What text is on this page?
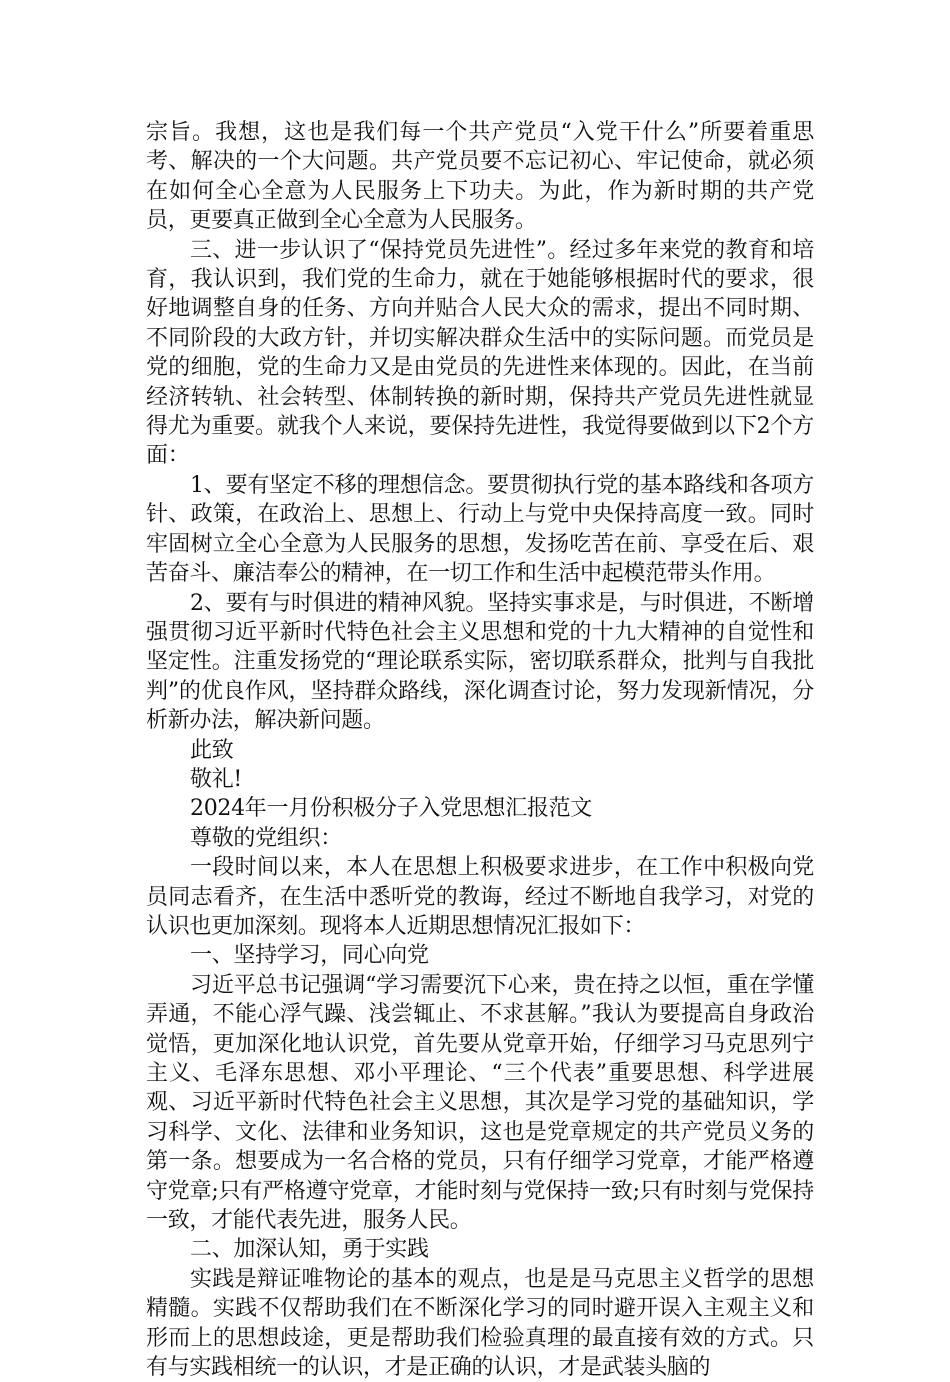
宗旨。我想，这也是我们每一个共产党员“入党干什么”所要着重思考、解决的一个大问题。共产党员要不忘记初心、牢记使命，就必须在如何全心全意为人民服务上下功夫。为此，作为新时期的共产党员，更要真正做到全心全意为人民服务。

三、进一步认识了“保持党员先进性”。经过多年来党的教育和培育，我认识到，我们党的生命力，就在于她能够根据时代的要求，很好地调整自身的任务、方向并贴合人民大众的需求，提出不同时期、不同阶段的大政方针，并切实解决群众生活中的实际问题。而党员是党的细胞，党的生命力又是由党员的先进性来体现的。因此，在当前经济转轨、社会转型、体制转换的新时期，保持共产党员先进性就显得尤为重要。就我个人来说，要保持先进性，我觉得要做到以下2个方面：

1、要有坚定不移的理想信念。要贯彻执行党的基本路线和各项方针、政策，在政治上、思想上、行动上与党中央保持高度一致。同时牢固树立全心全意为人民服务的思想，发扬吃苦在前、享受在后、艰苦奋斗、廉洁奉公的精神，在一切工作和生活中起模范带头作用。

2、要有与时俱进的精神风貌。坚持实事求是，与时俱进，不断增强贯彻习近平新时代特色社会主义思想和党的十九大精神的自觉性和坚定性。注重发扬党的“理论联系实际，密切联系群众，批判与自我批判”的优良作风，坚持群众路线，深化调查讨论，努力发现新情况，分析新办法，解决新问题。

此致

敬礼!

2024年一月份积极分子入党思想汇报范文

尊敬的党组织：

一段时间以来，本人在思想上积极要求进步，在工作中积极向党员同志看齐，在生活中悉听党的教诲，经过不断地自我学习，对党的认识也更加深刻。现将本人近期思想情况汇报如下：

一、坚持学习，同心向党

习近平总书记强调“学习需要沉下心来，贵在持之以恒，重在学懂弄通，不能心浮气躁、浅尝辄止、不求甚解。”我认为要提高自身政治觉悟，更加深化地认识党，首先要从党章开始，仔细学习马克思列宁主义、毛泽东思想、邓小平理论、“三个代表”重要思想、科学进展观、习近平新时代特色社会主义思想，其次是学习党的基础知识，学习科学、文化、法律和业务知识，这也是党章规定的共产党员义务的第一条。想要成为一名合格的党员，只有仔细学习党章，才能严格遵守党章;只有严格遵守党章，才能时刻与党保持一致;只有时刻与党保持一致，才能代表先进，服务人民。

二、加深认知，勇于实践

实践是辩证唯物论的基本的观点，也是是马克思主义哲学的思想精髓。实践不仅帮助我们在不断深化学习的同时避开误入主观主义和形而上的思想歧途，更是帮助我们检验真理的最直接有效的方式。只有与实践相统一的认识，才是正确的认识，才是武装头脑的
